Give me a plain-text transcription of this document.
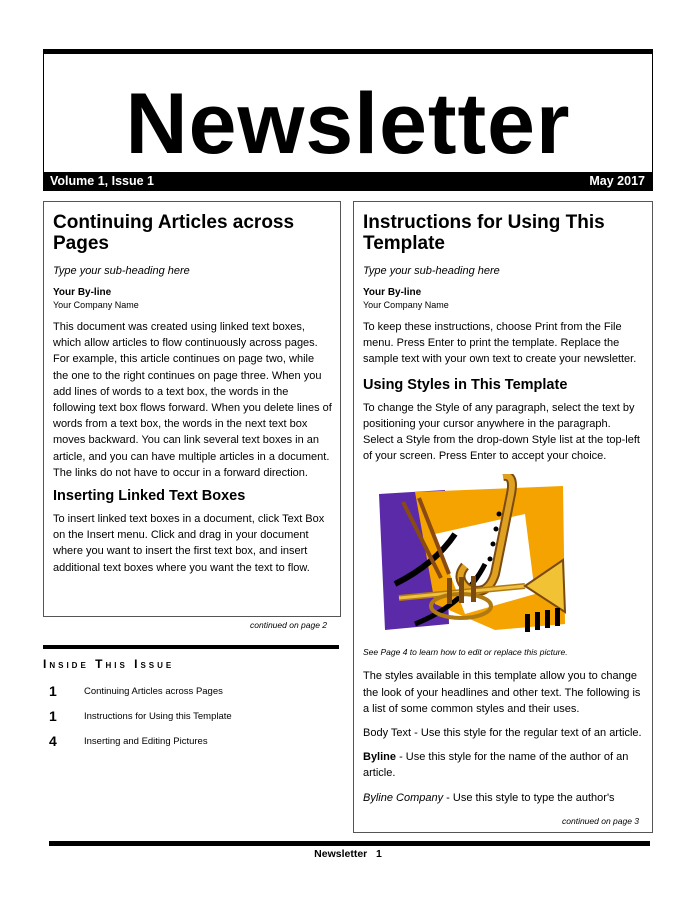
Newsletter
Volume 1, Issue 1	May 2017
Continuing Articles across Pages
Type your sub-heading here
Your By-line
Your Company Name

This document was created using linked text boxes, which allow articles to flow continuously across pages. For example, this article continues on page two, while the one to the right continues on page three. When you add lines of words to a text box, the words in the following text box flows forward. When you delete lines of words from a text box, the words in the next text box moves backward. You can link several text boxes in an article, and you can have multiple articles in a document. The links do not have to occur in a forward direction.

Inserting Linked Text Boxes

To insert linked text boxes in a document, click Text Box on the Insert menu. Click and drag in your document where you want to insert the first text box, and insert additional text boxes where you want the text to flow.

continued on page 2
Inside This Issue
1	Continuing Articles across Pages
1	Instructions for Using this Template
4	Inserting and Editing Pictures
Instructions for Using This Template
Type your sub-heading here
Your By-line
Your Company Name

To keep these instructions, choose Print from the File menu. Press Enter to print the template. Replace the sample text with your own text to create your newsletter.

Using Styles in This Template

To change the Style of any paragraph, select the text by positioning your cursor anywhere in the paragraph. Select a Style from the drop-down Style list at the top-left of your screen. Press Enter to accept your choice.

See Page 4 to learn how to edit or replace this picture.

The styles available in this template allow you to change the look of your headlines and other text. The following is a list of some common styles and their uses.

Body Text - Use this style for the regular text of an article.

Byline - Use this style for the name of the author of an article.

Byline Company - Use this style to type the author's

continued on page 3
Newsletter 1
